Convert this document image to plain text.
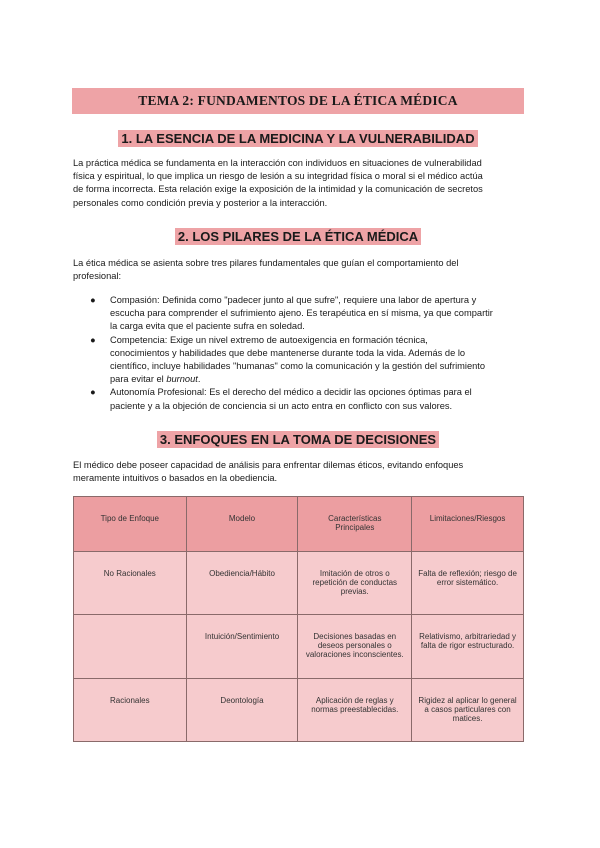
TEMA 2: FUNDAMENTOS DE LA ÉTICA MÉDICA
1. LA ESENCIA DE LA MEDICINA Y LA VULNERABILIDAD
La práctica médica se fundamenta en la interacción con individuos en situaciones de vulnerabilidad
física y espiritual, lo que implica un riesgo de lesión a su integridad física o moral si el médico actúa
de forma incorrecta. Esta relación exige la exposición de la intimidad y la comunicación de secretos
personales como condición previa y posterior a la interacción.
2. LOS PILARES DE LA ÉTICA MÉDICA
La ética médica se asienta sobre tres pilares fundamentales que guían el comportamiento del
profesional:
● Compasión: Definida como "padecer junto al que sufre", requiere una labor de apertura y
escucha para comprender el sufrimiento ajeno. Es terapéutica en sí misma, ya que compartir
la carga evita que el paciente sufra en soledad.
● Competencia: Exige un nivel extremo de autoexigencia en formación técnica,
conocimientos y habilidades que debe mantenerse durante toda la vida. Además de lo
científico, incluye habilidades "humanas" como la comunicación y la gestión del sufrimiento
para evitar el burnout.
● Autonomía Profesional: Es el derecho del médico a decidir las opciones óptimas para el
paciente y a la objeción de conciencia si un acto entra en conflicto con sus valores.
3. ENFOQUES EN LA TOMA DE DECISIONES
El médico debe poseer capacidad de análisis para enfrentar dilemas éticos, evitando enfoques
meramente intuitivos o basados en la obediencia.
Tipo de Enfoque	Modelo	Características
Principales	Limitaciones/Riesgos
No Racionales	Obediencia/Hábito	Imitación de otros o
repetición de conductas
previas.	Falta de reflexión; riesgo de
error sistemático.
	Intuición/Sentimiento	Decisiones basadas en
deseos personales o
valoraciones inconscientes.	Relativismo, arbitrariedad y
falta de rigor estructurado.
Racionales	Deontología	Aplicación de reglas y
normas preestablecidas.	Rigidez al aplicar lo general
a casos particulares con
matices.
